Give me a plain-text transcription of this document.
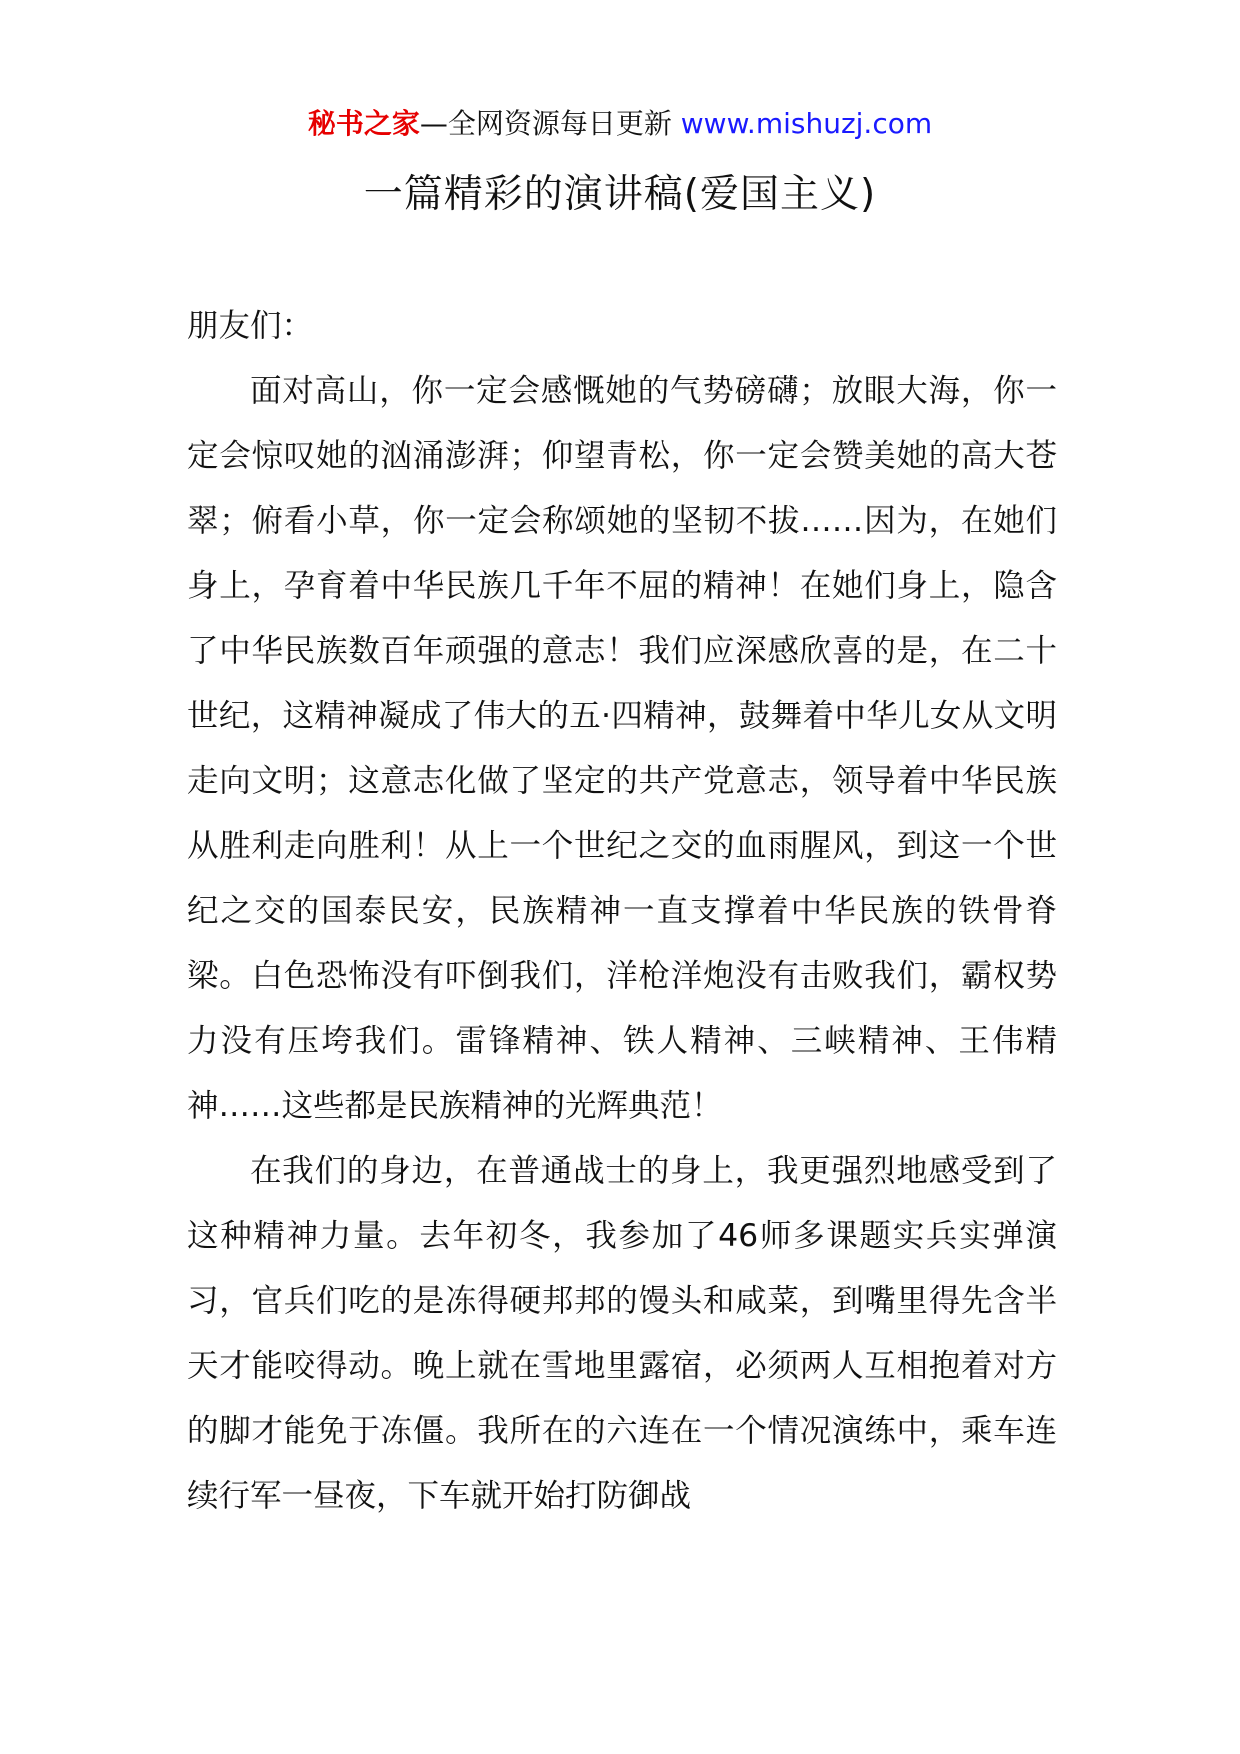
秘书之家—全网资源每日更新 www.mishuzj.com
一篇精彩的演讲稿(爱国主义)

朋友们：

面对高山，你一定会感慨她的气势磅礴；放眼大海，你一定会惊叹她的汹涌澎湃；仰望青松，你一定会赞美她的高大苍翠；俯看小草，你一定会称颂她的坚韧不拔……因为，在她们身上，孕育着中华民族几千年不屈的精神！在她们身上，隐含了中华民族数百年顽强的意志！我们应深感欣喜的是，在二十世纪，这精神凝成了伟大的五·四精神，鼓舞着中华儿女从文明走向文明；这意志化做了坚定的共产党意志，领导着中华民族从胜利走向胜利！从上一个世纪之交的血雨腥风，到这一个世纪之交的国泰民安，民族精神一直支撑着中华民族的铁骨脊梁。白色恐怖没有吓倒我们，洋枪洋炮没有击败我们，霸权势力没有压垮我们。雷锋精神、铁人精神、三峡精神、王伟精神……这些都是民族精神的光辉典范！

在我们的身边，在普通战士的身上，我更强烈地感受到了这种精神力量。去年初冬，我参加了46师多课题实兵实弹演习，官兵们吃的是冻得硬邦邦的馒头和咸菜，到嘴里得先含半天才能咬得动。晚上就在雪地里露宿，必须两人互相抱着对方的脚才能免于冻僵。我所在的六连在一个情况演练中，乘车连续行军一昼夜，下车就开始打防御战
